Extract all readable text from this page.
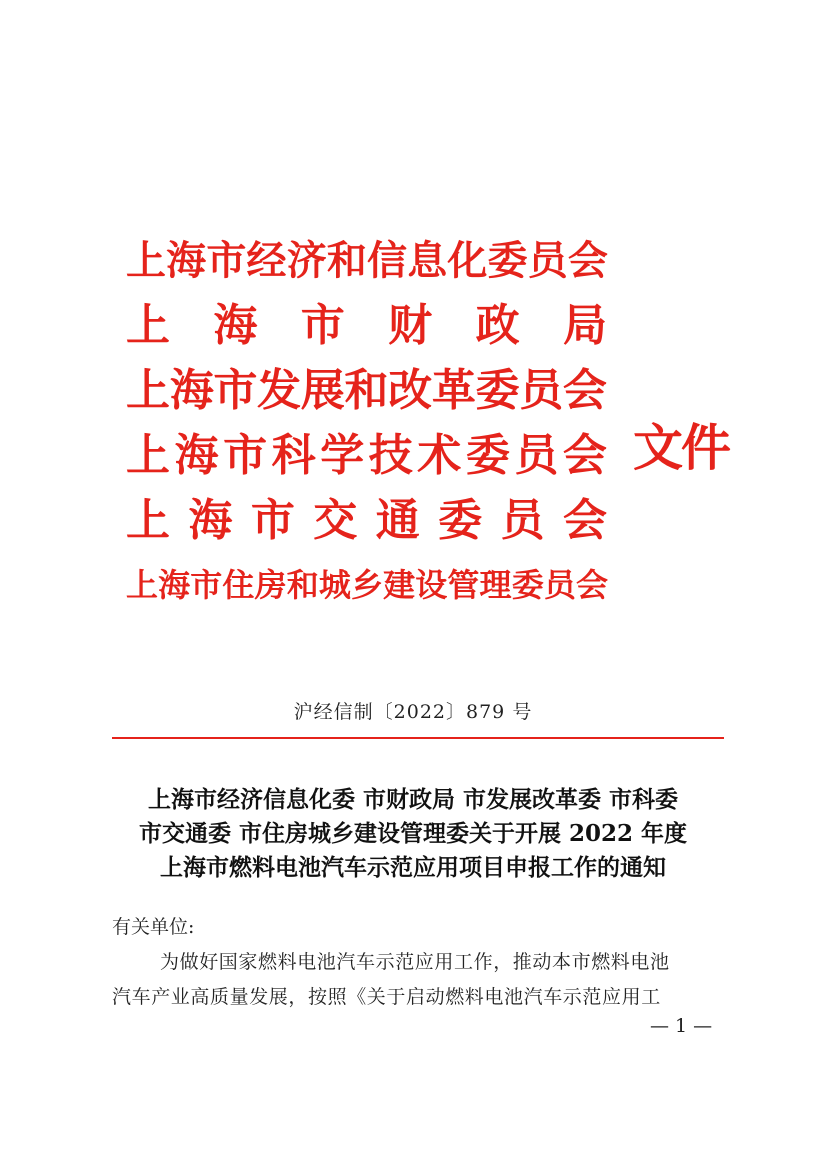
上 海 市 经 济 和 信 息 化 委 员 会
上 海 市 财 政 局
上 海 市 发 展 和 改 革 委 员 会
上 海 市 科 学 技 术 委 员 会
上 海 市 交 通 委 员 会
上 海 市 住 房 和 城 乡 建 设 管 理 委 员 会
文件
沪经信制〔2022〕879 号
上海市经济信息化委 市财政局 市发展改革委 市科委
市交通委 市住房城乡建设管理委关于开展 2022 年度
上海市燃料电池汽车示范应用项目申报工作的通知
有关单位:
为做好国家燃料电池汽车示范应用工作，推动本市燃料电池
汽车产业高质量发展，按照《关于启动燃料电池汽车示范应用工
— 1 —
